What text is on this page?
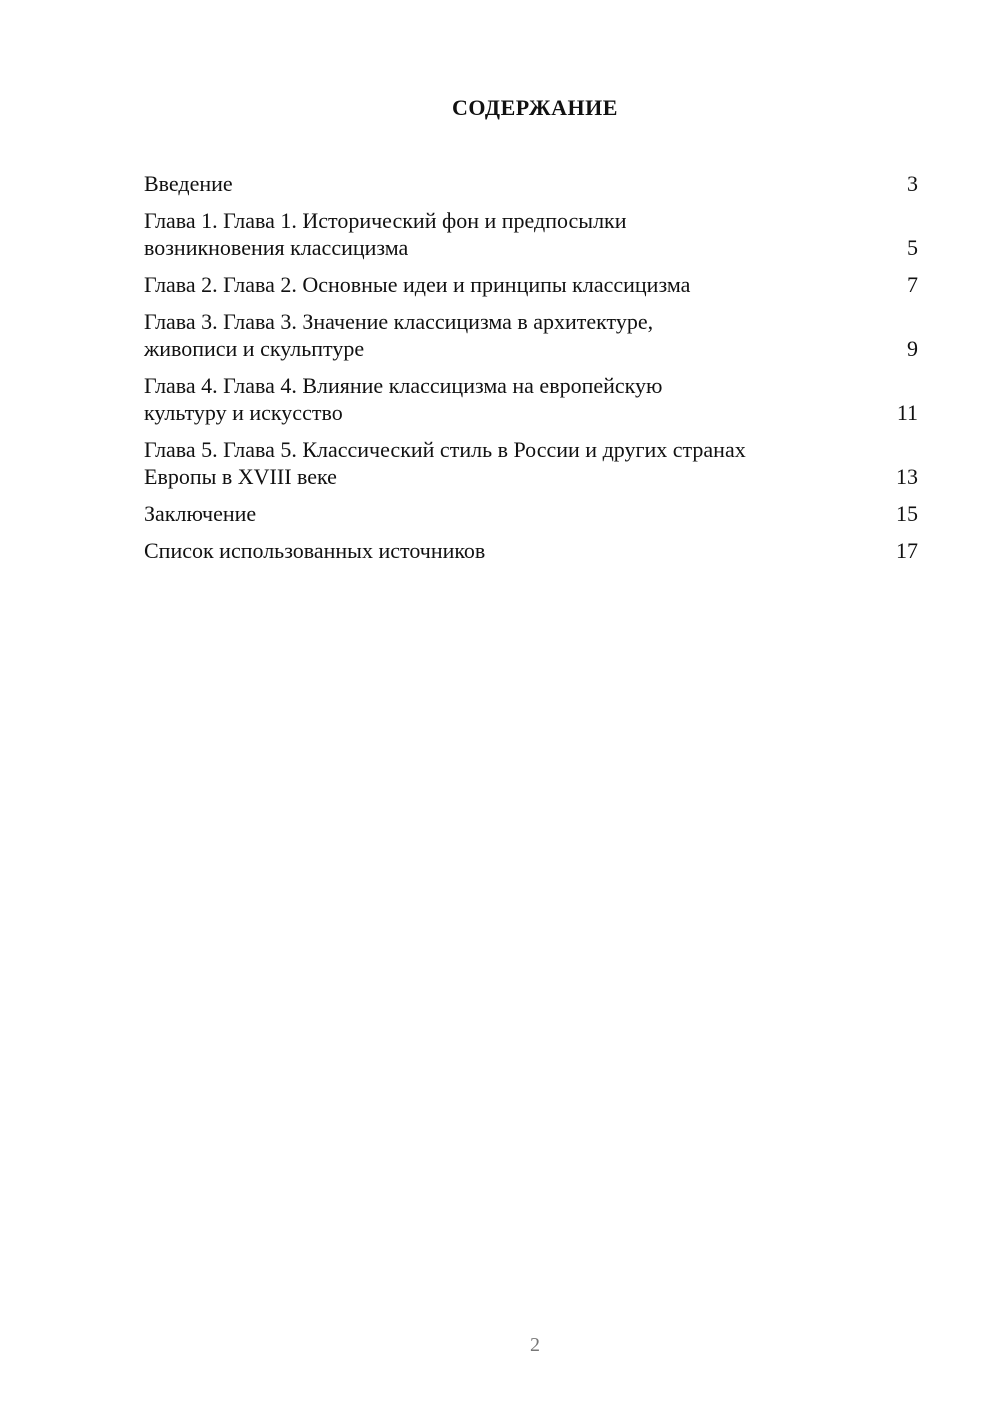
СОДЕРЖАНИЕ
Введение	3
Глава 1. Глава 1. Исторический фон и предпосылки
возникновения классицизма	5
Глава 2. Глава 2. Основные идеи и принципы классицизма	7
Глава 3. Глава 3. Значение классицизма в архитектуре,
живописи и скульптуре	9
Глава 4. Глава 4. Влияние классицизма на европейскую
культуру и искусство	11
Глава 5. Глава 5. Классический стиль в России и других странах
Европы в XVIII веке	13
Заключение	15
Список использованных источников	17
2
